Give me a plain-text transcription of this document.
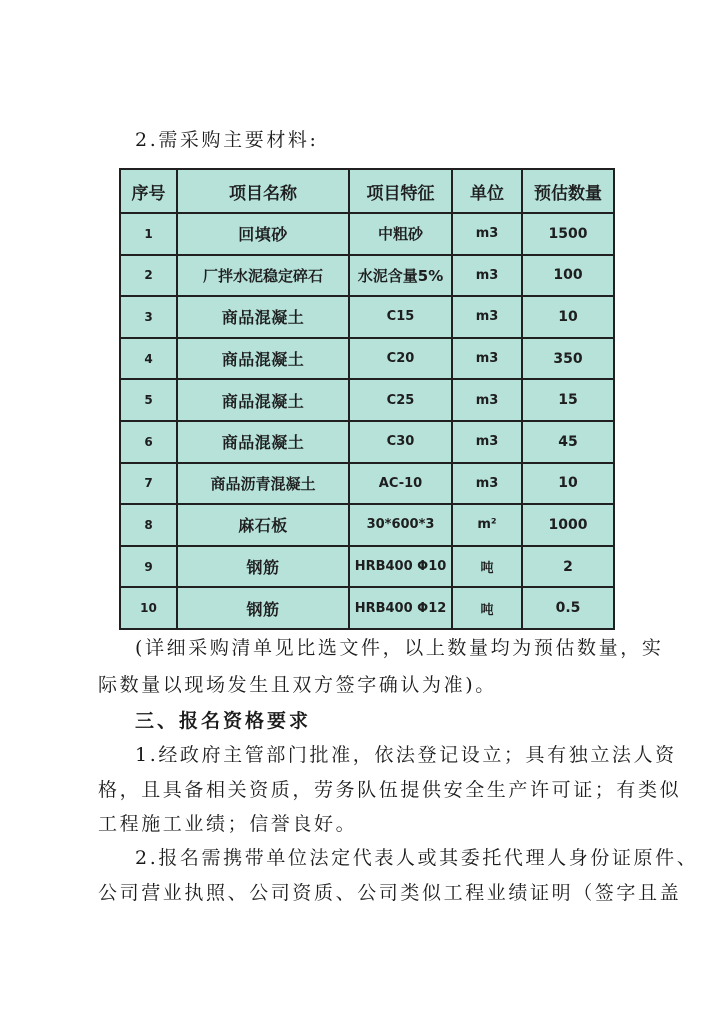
2.需采购主要材料:
序号	项目名称	项目特征	单位	预估数量
1	回填砂	中粗砂	m3	1500
2	厂拌水泥稳定碎石	水泥含量5%	m3	100
3	商品混凝土	C15	m3	10
4	商品混凝土	C20	m3	350
5	商品混凝土	C25	m3	15
6	商品混凝土	C30	m3	45
7	商品沥青混凝土	AC-10	m3	10
8	麻石板	30*600*3	m²	1000
9	钢筋	HRB400 Φ10	吨	2
10	钢筋	HRB400 Φ12	吨	0.5
(详细采购清单见比选文件，以上数量均为预估数量，实
际数量以现场发生且双方签字确认为准)。
三、报名资格要求
1.经政府主管部门批准，依法登记设立；具有独立法人资
格，且具备相关资质，劳务队伍提供安全生产许可证；有类似
工程施工业绩；信誉良好。
2.报名需携带单位法定代表人或其委托代理人身份证原件、
公司营业执照、公司资质、公司类似工程业绩证明（签字且盖
